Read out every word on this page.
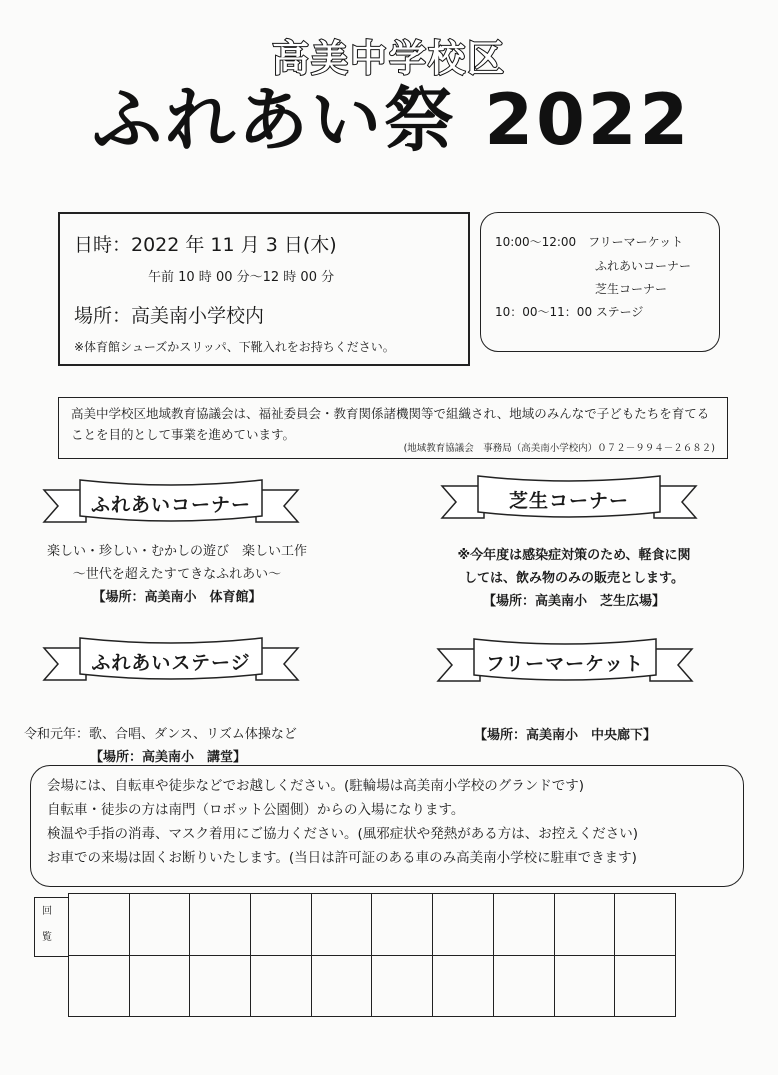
高美中学校区
ふれあい祭 2022
日時：2022 年 11 月 3 日(木)
午前 10 時 00 分～12 時 00 分
場所：高美南小学校内
※体育館シューズかスリッパ、下靴入れをお持ちください。
10:00～12:00　フリーマーケット
ふれあいコーナー
芝生コーナー
10：00～11：00 ステージ
高美中学校区地域教育協議会は、福祉委員会・教育関係諸機関等で組織され、地域のみんなで子どもたちを育てることを目的として事業を進めています。
(地域教育協議会　事務局（高美南小学校内）０７２－９９４－２６８２)
ふれあいコーナー	芝生コーナー
楽しい・珍しい・むかしの遊び　楽しい工作
～世代を超えたすてきなふれあい～
【場所：高美南小　体育館】
※今年度は感染症対策のため、軽食に関
しては、飲み物のみの販売とします。
【場所：高美南小　芝生広場】
ふれあいステージ	フリーマーケット
令和元年：歌、合唱、ダンス、リズム体操など
【場所：高美南小　講堂】
【場所：高美南小　中央廊下】
会場には、自転車や徒歩などでお越しください。(駐輪場は高美南小学校のグランドです)
自転車・徒歩の方は南門（ロボット公園側）からの入場になります。
検温や手指の消毒、マスク着用にご協力ください。(風邪症状や発熱がある方は、お控えください)
お車での来場は固くお断りいたします。(当日は許可証のある車のみ高美南小学校に駐車できます)
回
覧
